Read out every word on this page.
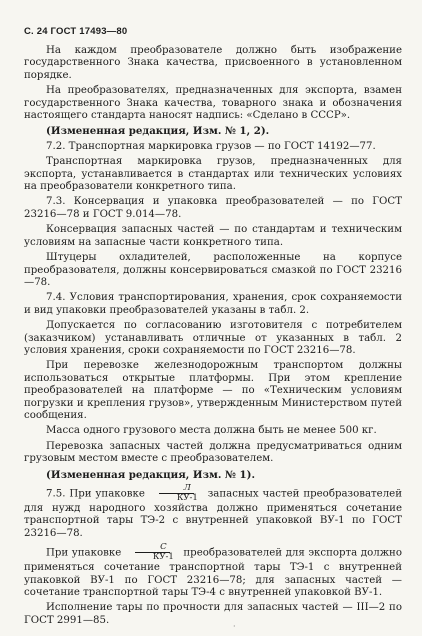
С. 24 ГОСТ 17493—80

На каждом преобразователе должно быть изображение государственного Знака качества, присвоенного в установленном порядке.

На преобразователях, предназначенных для экспорта, взамен государственного Знака качества, товарного знака и обозначения настоящего стандарта наносят надпись: «Сделано в СССР».

(Измененная редакция, Изм. № 1, 2).

7.2. Транспортная маркировка грузов — по ГОСТ 14192—77.

Транспортная маркировка грузов, предназначенных для экспорта, устанавливается в стандартах или технических условиях на преобразователи конкретного типа.

7.3. Консервация и упаковка преобразователей — по ГОСТ 23216—78 и ГОСТ 9.014—78.

Консервация запасных частей — по стандартам и техническим условиям на запасные части конкретного типа.

Штуцеры охладителей, расположенные на корпусе преобразователя, должны консервироваться смазкой по ГОСТ 23216—78.

7.4. Условия транспортирования, хранения, срок сохраняемости и вид упаковки преобразователей указаны в табл. 2.

Допускается по согласованию изготовителя с потребителем (заказчиком) устанавливать отличные от указанных в табл. 2 условия хранения, сроки сохраняемости по ГОСТ 23216—78.

При перевозке железнодорожным транспортом должны использоваться открытые платформы. При этом крепление преобразователей на платформе — по «Техническим условиям погрузки и крепления грузов», утвержденным Министерством путей сообщения.

Масса одного грузового места должна быть не менее 500 кг.

Перевозка запасных частей должна предусматриваться одним грузовым местом вместе с преобразователем.

(Измененная редакция, Изм. № 1).

7.5. При упаковке $\frac{Л}{КУ-1}$ запасных частей преобразователей для нужд народного хозяйства должно применяться сочетание транспортной тары ТЭ-2 с внутренней упаковкой ВУ-1 по ГОСТ 23216—78.

При упаковке $\frac{С}{КУ-1}$ преобразователей для экспорта должно применяться сочетание транспортной тары ТЭ-1 с внутренней упаковкой ВУ-1 по ГОСТ 23216—78; для запасных частей — сочетание транспортной тары ТЭ-4 с внутренней упаковкой ВУ-1.

Исполнение тары по прочности для запасных частей — III—2 по ГОСТ 2991—85.

·
